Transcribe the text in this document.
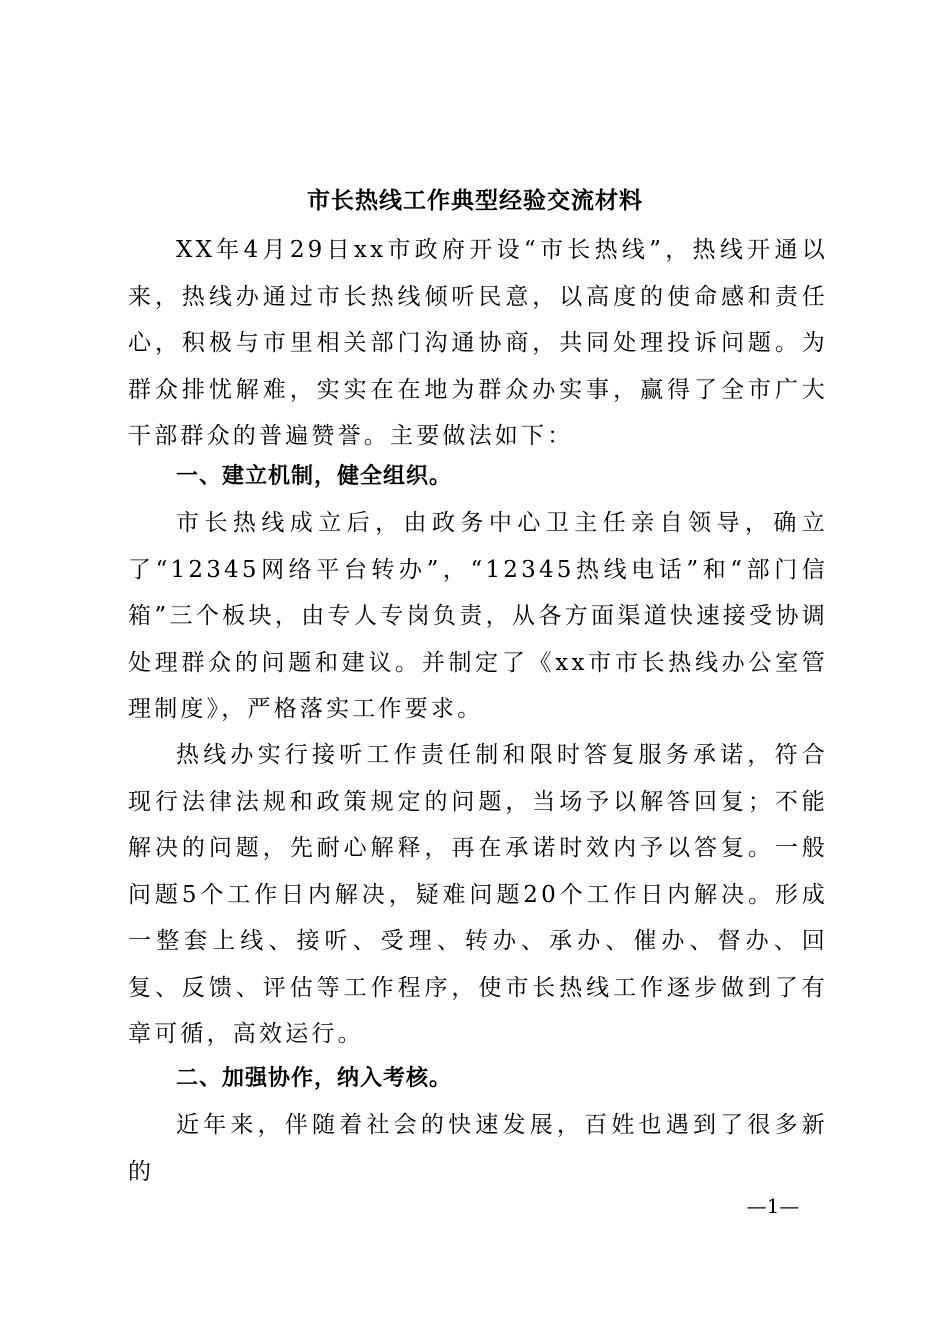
市长热线工作典型经验交流材料

XX年4月29日xx市政府开设“市长热线”，热线开通以来，热线办通过市长热线倾听民意，以高度的使命感和责任心，积极与市里相关部门沟通协商，共同处理投诉问题。为群众排忧解难，实实在在地为群众办实事，赢得了全市广大干部群众的普遍赞誉。主要做法如下：

一、建立机制，健全组织。

市长热线成立后，由政务中心卫主任亲自领导，确立了“12345网络平台转办”，“12345热线电话”和“部门信箱”三个板块，由专人专岗负责，从各方面渠道快速接受协调处理群众的问题和建议。并制定了《xx市市长热线办公室管理制度》，严格落实工作要求。

热线办实行接听工作责任制和限时答复服务承诺，符合现行法律法规和政策规定的问题，当场予以解答回复；不能解决的问题，先耐心解释，再在承诺时效内予以答复。一般问题5个工作日内解决，疑难问题20个工作日内解决。形成一整套上线、接听、受理、转办、承办、催办、督办、回复、反馈、评估等工作程序，使市长热线工作逐步做到了有章可循，高效运行。

二、加强协作，纳入考核。

近年来，伴随着社会的快速发展，百姓也遇到了很多新的

—1—
